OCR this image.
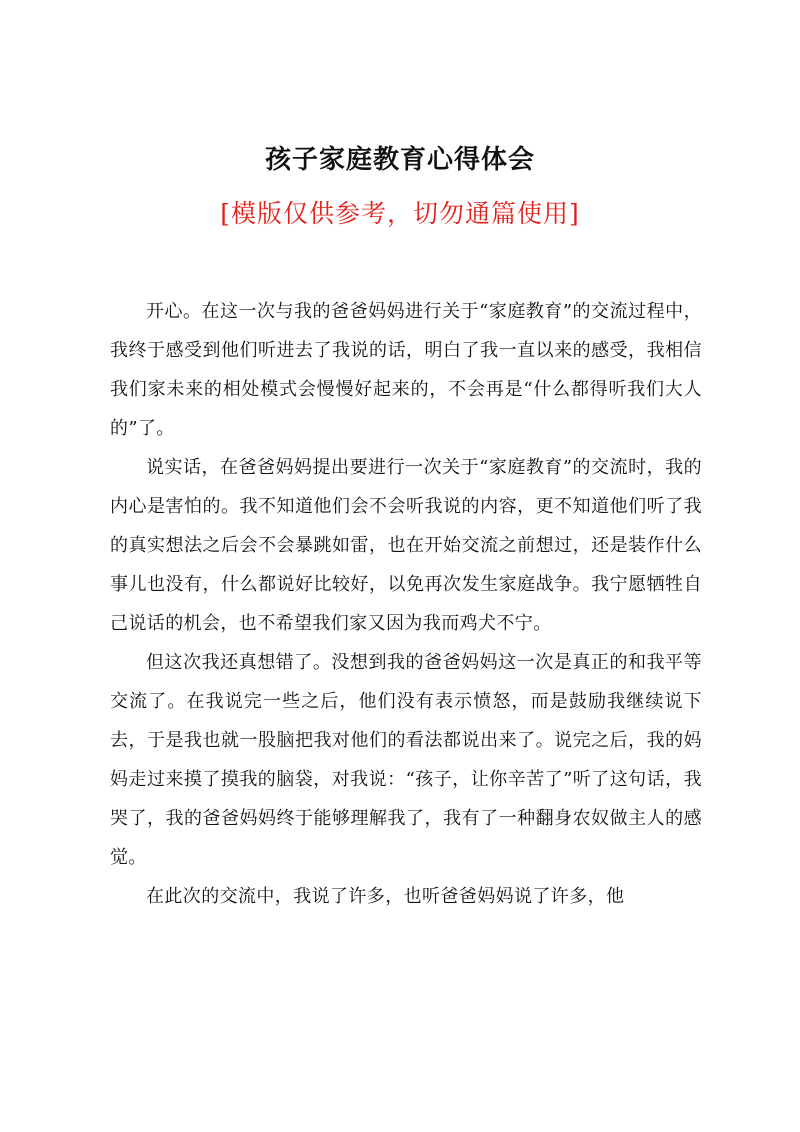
孩子家庭教育心得体会
[模版仅供参考，切勿通篇使用]

开心。在这一次与我的爸爸妈妈进行关于“家庭教育”的交流过程中，我终于感受到他们听进去了我说的话，明白了我一直以来的感受，我相信我们家未来的相处模式会慢慢好起来的，不会再是“什么都得听我们大人的”了。

说实话，在爸爸妈妈提出要进行一次关于“家庭教育”的交流时，我的内心是害怕的。我不知道他们会不会听我说的内容，更不知道他们听了我的真实想法之后会不会暴跳如雷，也在开始交流之前想过，还是装作什么事儿也没有，什么都说好比较好，以免再次发生家庭战争。我宁愿牺牲自己说话的机会，也不希望我们家又因为我而鸡犬不宁。

但这次我还真想错了。没想到我的爸爸妈妈这一次是真正的和我平等交流了。在我说完一些之后，他们没有表示愤怒，而是鼓励我继续说下去，于是我也就一股脑把我对他们的看法都说出来了。说完之后，我的妈妈走过来摸了摸我的脑袋，对我说：“孩子，让你辛苦了”听了这句话，我哭了，我的爸爸妈妈终于能够理解我了，我有了一种翻身农奴做主人的感觉。

在此次的交流中，我说了许多，也听爸爸妈妈说了许多，他
